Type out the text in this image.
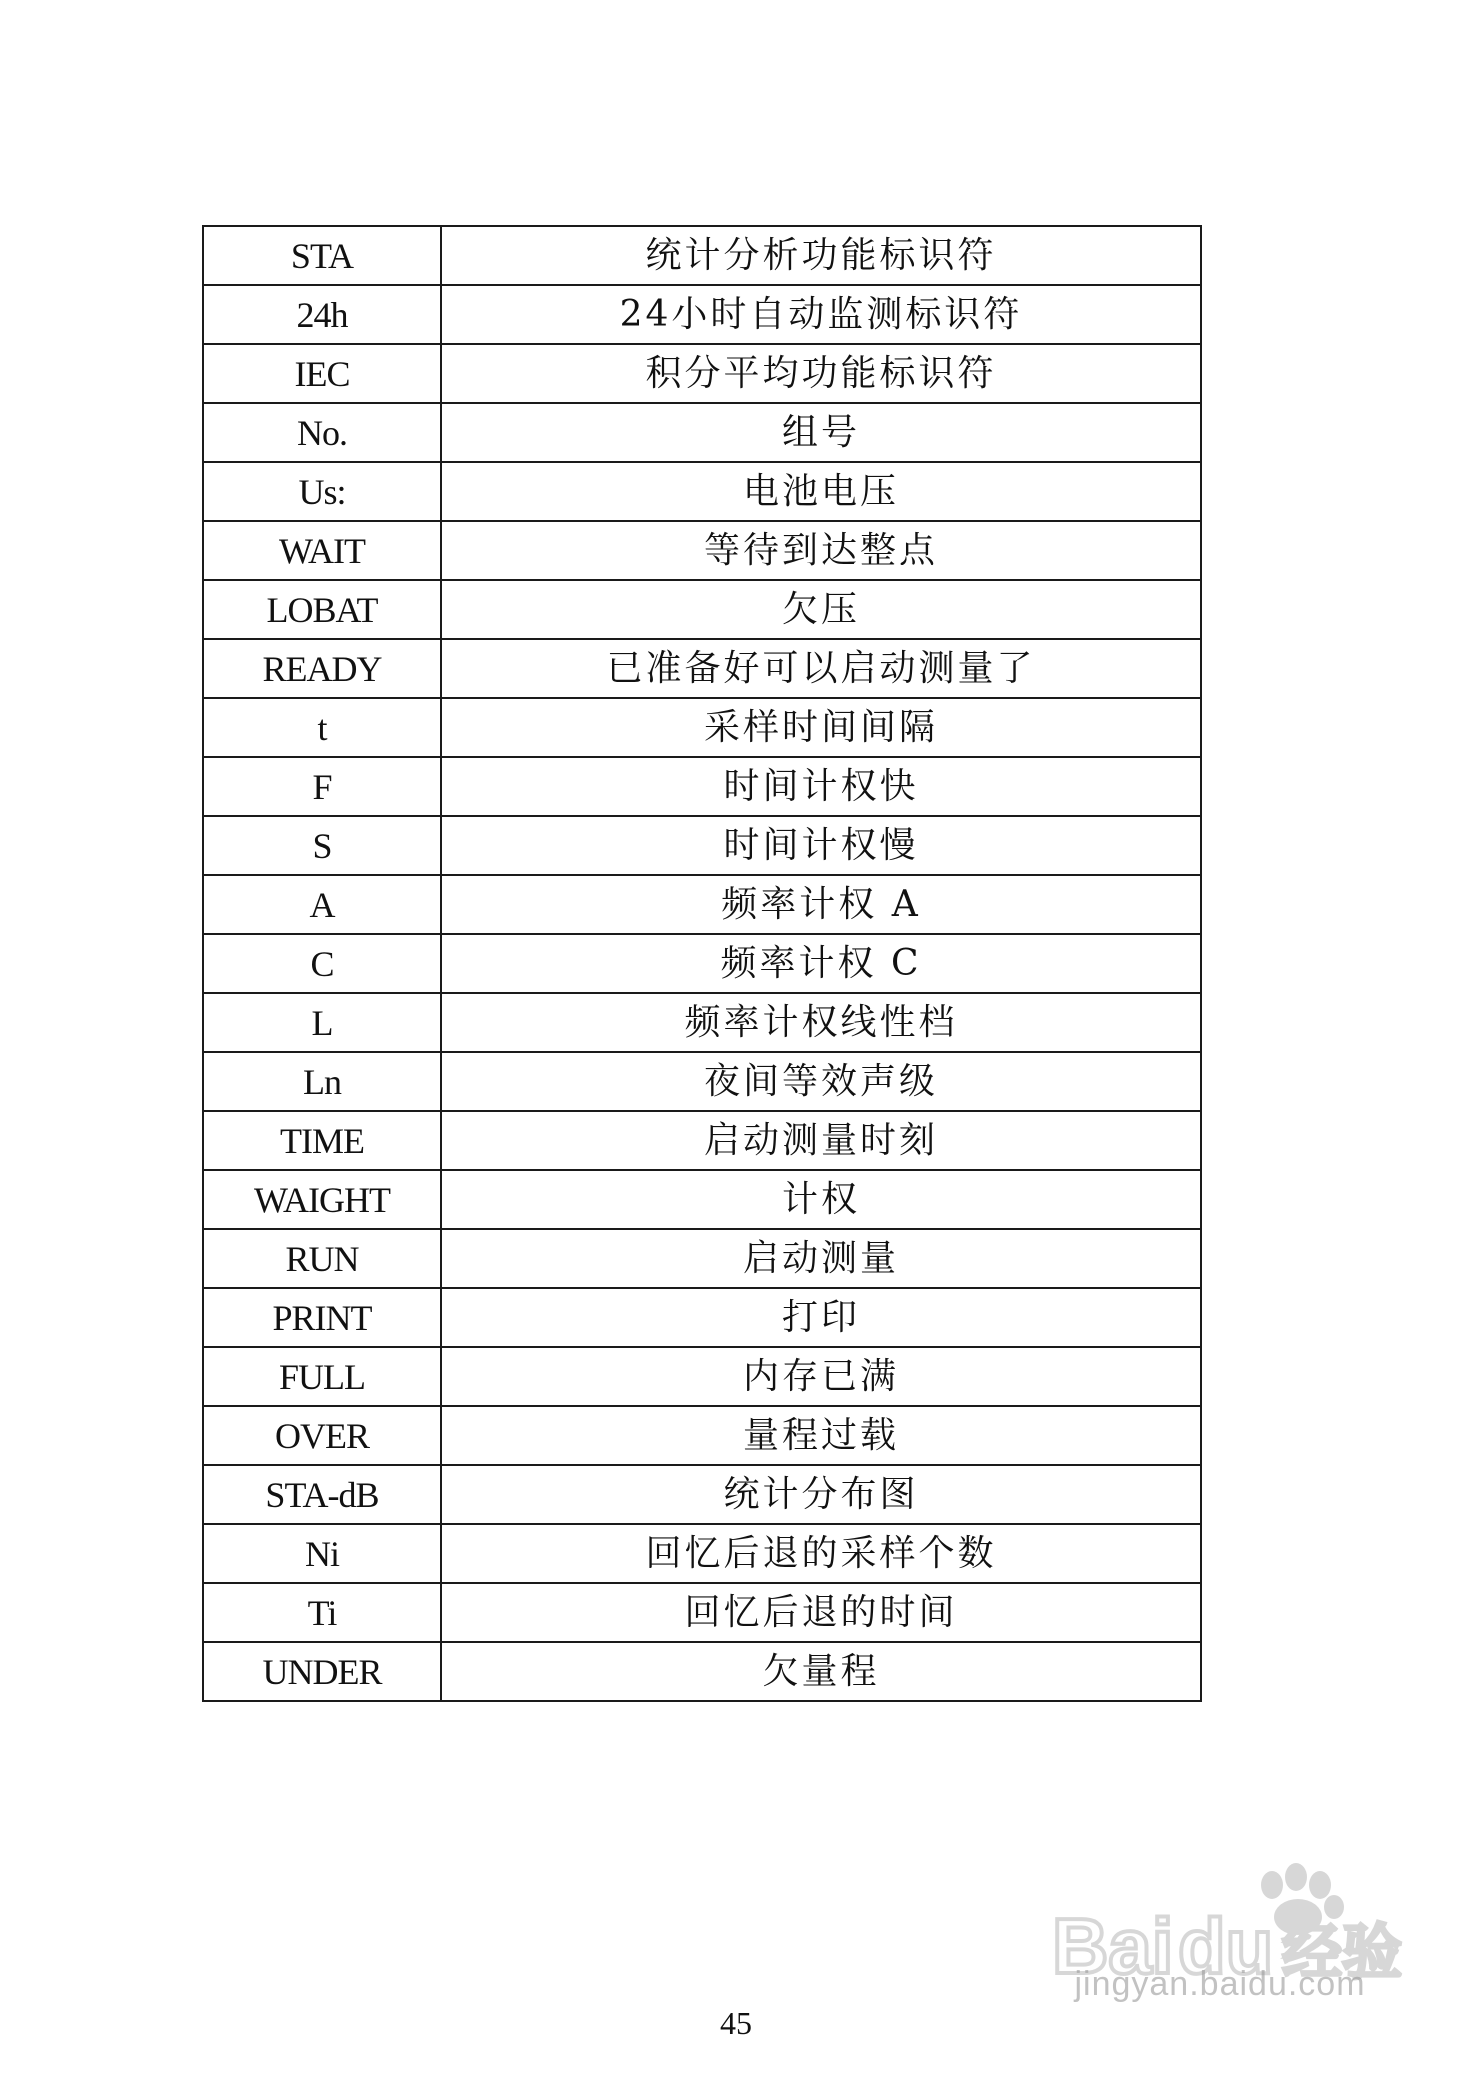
STA	统计分析功能标识符
24h	24小时自动监测标识符
IEC	积分平均功能标识符
No.	组号
Us:	电池电压
WAIT	等待到达整点
LOBAT	欠压
READY	已准备好可以启动测量了
t	采样时间间隔
F	时间计权快
S	时间计权慢
A	频率计权 A
C	频率计权 C
L	频率计权线性档
Ln	夜间等效声级
TIME	启动测量时刻
WAIGHT	计权
RUN	启动测量
PRINT	打印
FULL	内存已满
OVER	量程过载
STA-dB	统计分布图
Ni	回忆后退的采样个数
Ti	回忆后退的时间
UNDER	欠量程
Bai du 经验
jingyan.baidu.com
45
